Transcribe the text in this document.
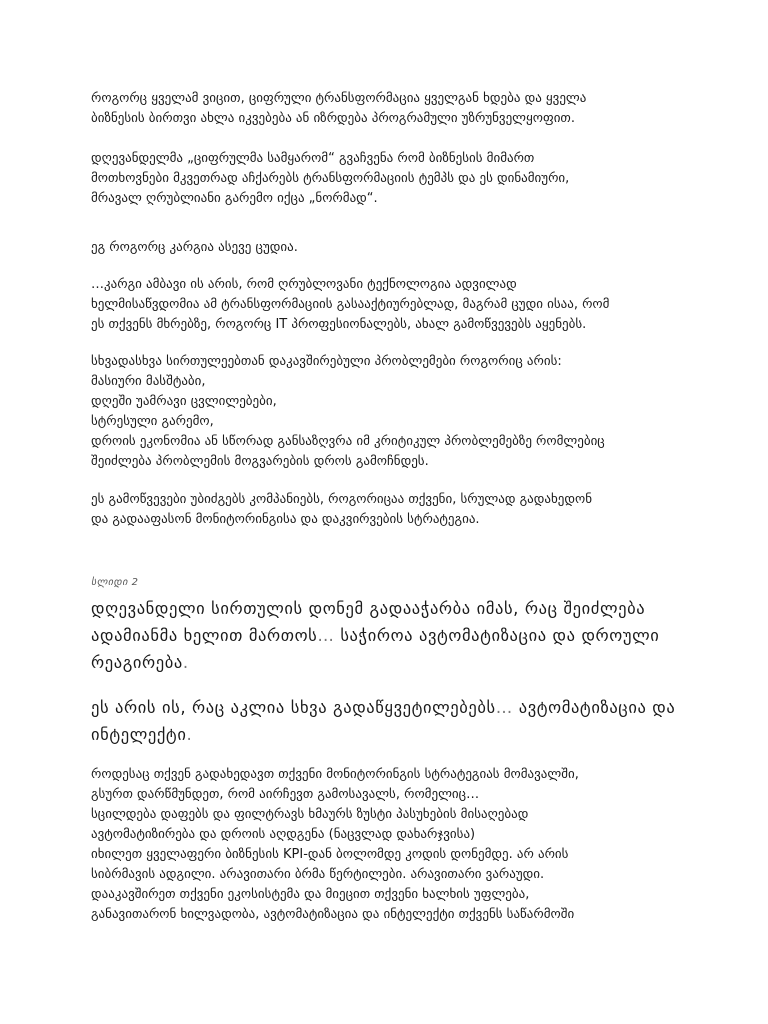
როგორც ყველამ ვიცით, ციფრული ტრანსფორმაცია ყველგან ხდება და ყველა

ბიზნესის ბირთვი ახლა იკვებება ან იზრდება პროგრამული უზრუნველყოფით.

დღევანდელმა „ციფრულმა სამყარომ“ გვაჩვენა რომ ბიზნესის მიმართ

მოთხოვნები მკვეთრად აჩქარებს ტრანსფორმაციის ტემპს და ეს დინამიური,

მრავალ ღრუბლიანი გარემო იქცა „ნორმად“.

ეგ როგორც კარგია ასევე ცუდია.

…კარგი ამბავი ის არის, რომ ღრუბლოვანი ტექნოლოგია ადვილად

ხელმისაწვდომია ამ ტრანსფორმაციის გასააქტიურებლად, მაგრამ ცუდი ისაა, რომ

ეს თქვენს მხრებზე, როგორც IT პროფესიონალებს, ახალ გამოწვევებს აყენებს.

სხვადასხვა სირთულეებთან დაკავშირებული პრობლემები როგორიც არის:

მასიური მასშტაბი,

დღეში უამრავი ცვლილებები,

სტრესული გარემო,

დროის ეკონომია ან სწორად განსაზღვრა იმ კრიტიკულ პრობლემებზე რომლებიც

შეიძლება პრობლემის მოგვარების დროს გამოჩნდეს.

ეს გამოწვევები უბიძგებს კომპანიებს, როგორიცაა თქვენი, სრულად გადახედონ

და გადააფასონ მონიტორინგისა და დაკვირვების სტრატეგია.

სლიდი 2

დღევანდელი სირთულის დონემ გადააჭარბა იმას, რაც შეიძლება

ადამიანმა ხელით მართოს… საჭიროა ავტომატიზაცია და დროული

რეაგირება.

ეს არის ის, რაც აკლია სხვა გადაწყვეტილებებს… ავტომატიზაცია და

ინტელექტი.

როდესაც თქვენ გადახედავთ თქვენი მონიტორინგის სტრატეგიას მომავალში,

გსურთ დარწმუნდეთ, რომ აირჩევთ გამოსავალს, რომელიც…

სცილდება დაფებს და ფილტრავს ხმაურს ზუსტი პასუხების მისაღებად

ავტომატიზირება და დროის აღდგენა (ნაცვლად დახარჯვისა)

იხილეთ ყველაფერი ბიზნესის KPI-დან ბოლომდე კოდის დონემდე. არ არის

სიბრმავის ადგილი. არავითარი ბრმა წერტილები. არავითარი ვარაუდი.

დააკავშირეთ თქვენი ეკოსისტემა და მიეცით თქვენი ხალხის უფლება,

განავითარონ ხილვადობა, ავტომატიზაცია და ინტელექტი თქვენს საწარმოში
